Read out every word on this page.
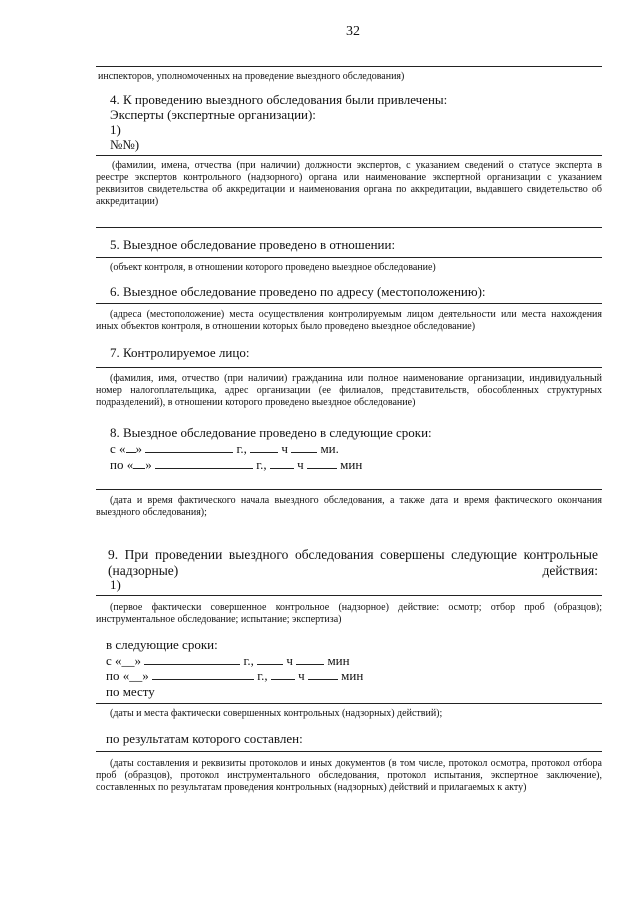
32
инспекторов, уполномоченных на проведение выездного обследования)
4. К проведению выездного обследования были привлечены:
Эксперты (экспертные организации):
1)
№№)
(фамилии, имена, отчества (при наличии) должности экспертов, с указанием сведений о статусе эксперта в реестре экспертов контрольного (надзорного) органа или наименование экспертной организации с указанием реквизитов свидетельства об аккредитации и наименования органа по аккредитации, выдавшего свидетельство об аккредитации)
5. Выездное обследование проведено в отношении:
(объект контроля, в отношении которого проведено выездное обследование)
6. Выездное обследование проведено по адресу (местоположению):
(адреса (местоположение) места осуществления контролируемым лицом деятельности или места нахождения иных объектов контроля, в отношении которых было проведено выездное обследование)
7. Контролируемое лицо:
(фамилия, имя, отчество (при наличии) гражданина или полное наименование организации, индивидуальный номер налогоплательщика, адрес организации (ее филиалов, представительств, обособленных структурных подразделений), в отношении которого проведено выездное обследование)
8. Выездное обследование проведено в следующие сроки:
с « »	г.,	ч	ми.
по « »	г., ч	мин
(дата и время фактического начала выездного обследования, а также дата и время фактического окончания выездного обследования);
9. При проведении выездного обследования совершены следующие контрольные (надзорные) действия:
1)
(первое фактически совершенное контрольное (надзорное) действие: осмотр; отбор проб (образцов); инструментальное обследование; испытание; экспертиза)
в следующие сроки:
с «__»	г.,	ч	мин
по «__»	г., ч	мин
по месту
(даты и места фактически совершенных контрольных (надзорных) действий);
по результатам которого составлен:
(даты составления и реквизиты протоколов и иных документов (в том числе, протокол осмотра, протокол отбора проб (образцов), протокол инструментального обследования, протокол испытания, экспертное заключение), составленных по результатам проведения контрольных (надзорных) действий и прилагаемых к акту)
